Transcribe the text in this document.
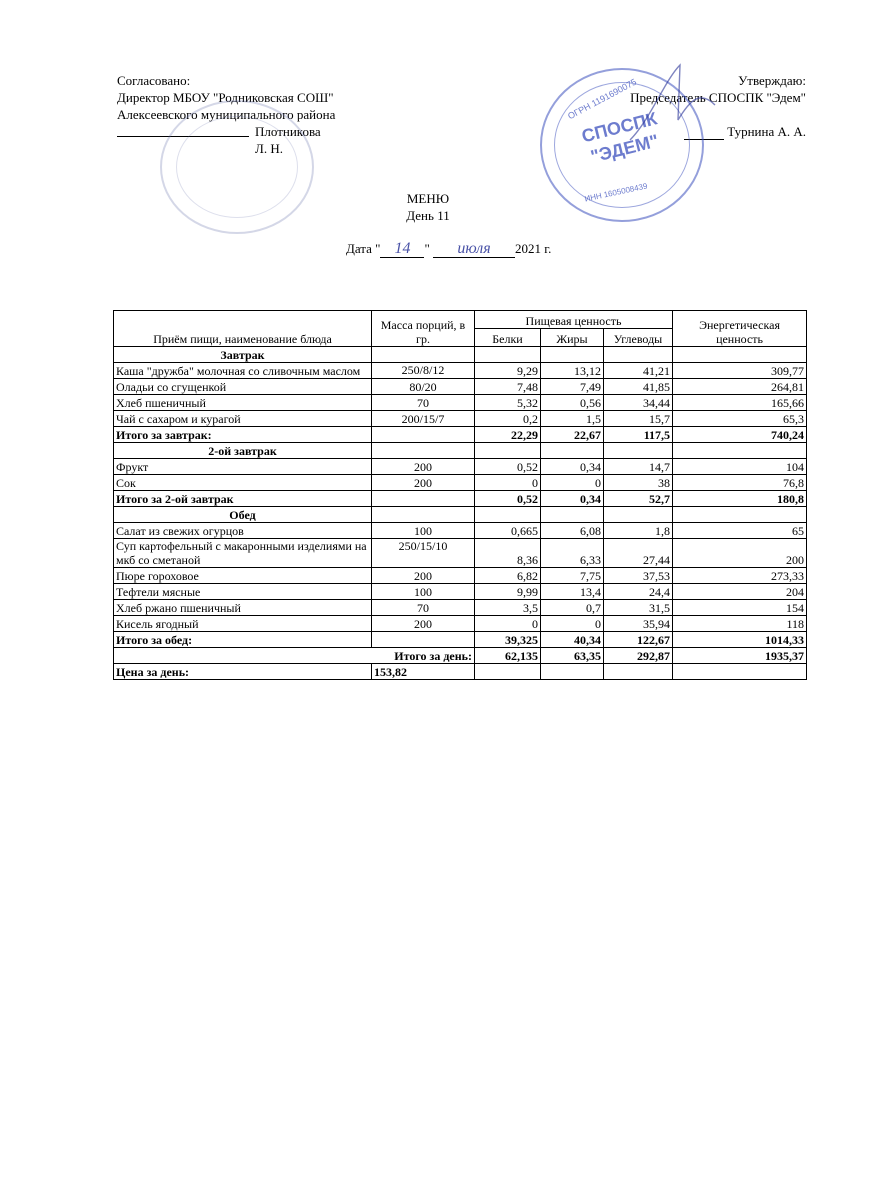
Согласовано:
Директор МБОУ "Родниковская СОШ"
Алексеевского муниципального района
Плотникова Л. Н.
Утверждаю:
Председатель СПОСПК "Эдем"
Турнина А. А.
ОГРН 1191690075
СПОСПК
"ЭДЕМ"
ИНН 1605008439
МЕНЮ
День 11
Дата " 14 " июля 2021 г.
Приём пищи, наименование блюда	Масса порций, в гр.	Пищевая ценность			Энергетическая ценность
		Белки	Жиры	Углеводы	
Завтрак					
Каша "дружба" молочная со сливочным маслом	250/8/12	9,29	13,12	41,21	309,77
Оладьи со сгущенкой	80/20	7,48	7,49	41,85	264,81
Хлеб пшеничный	70	5,32	0,56	34,44	165,66
Чай с сахаром и курагой	200/15/7	0,2	1,5	15,7	65,3
Итого за завтрак:		22,29	22,67	117,5	740,24
2-ой завтрак					
Фрукт	200	0,52	0,34	14,7	104
Сок	200	0	0	38	76,8
Итого за 2-ой завтрак		0,52	0,34	52,7	180,8
Обед					
Салат из свежих огурцов	100	0,665	6,08	1,8	65
Суп картофельный с макаронными изделиями на мкб со сметаной	250/15/10	8,36	6,33	27,44	200
Пюре гороховое	200	6,82	7,75	37,53	273,33
Тефтели мясные	100	9,99	13,4	24,4	204
Хлеб ржано пшеничный	70	3,5	0,7	31,5	154
Кисель ягодный	200	0	0	35,94	118
Итого за обед:		39,325	40,34	122,67	1014,33
Итого за день:		62,135	63,35	292,87	1935,37
Цена за день:	153,82				
